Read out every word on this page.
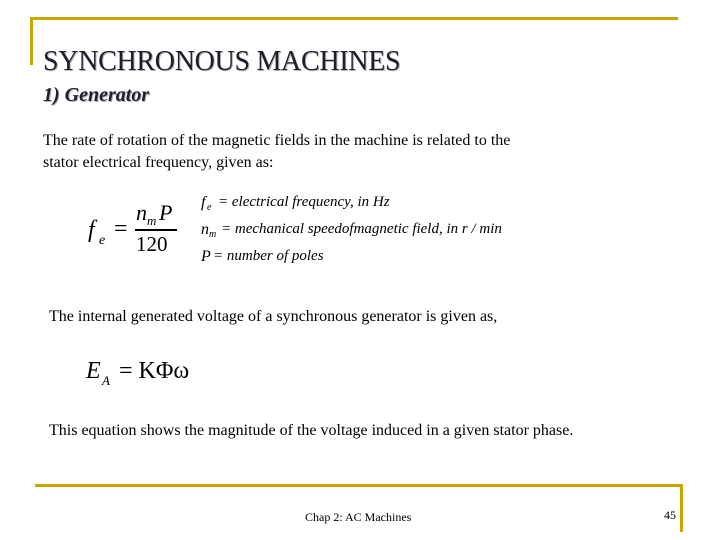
SYNCHRONOUS MACHINES
1) Generator
The rate of rotation of the magnetic fields in the machine is related to the
stator electrical frequency, given as:
f e =
n m P
120
f e = electrical frequency, in Hz
n m = mechanical speedofmagnetic field, in r / min
P = number of poles
The internal generated voltage of a synchronous generator is given as,
E A = KΦω
This equation shows the magnitude of the voltage induced in a given stator phase.
Chap 2: AC Machines	45
